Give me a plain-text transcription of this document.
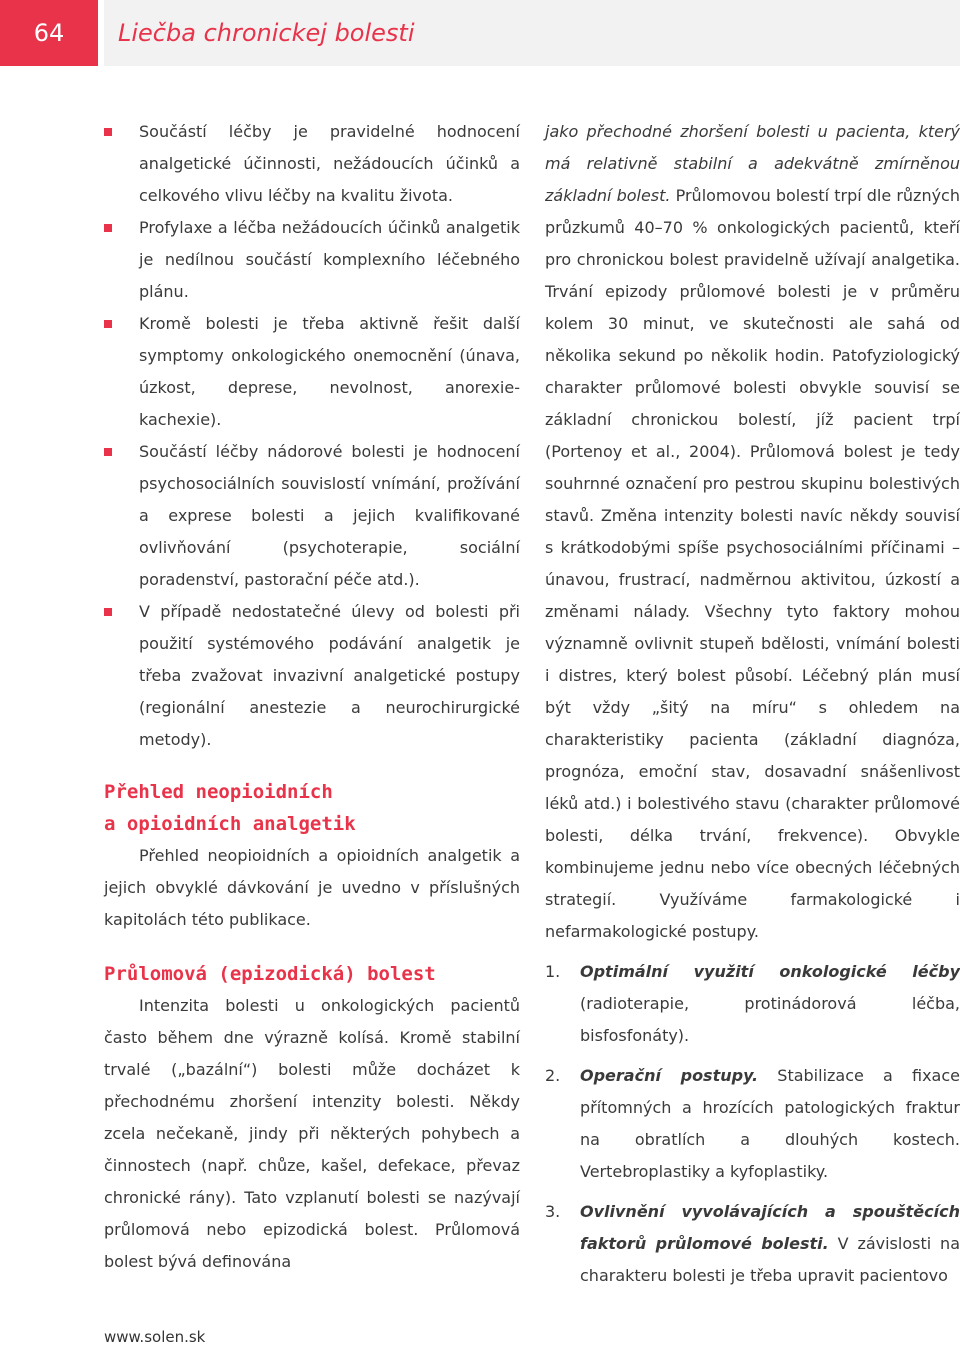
64	Liečba chronickej bolesti
Součástí léčby je pravidelné hodnocení analgetické účinnosti, nežádoucích účinků a celkového vlivu léčby na kvalitu života.
Profylaxe a léčba nežádoucích účinků analgetik je nedílnou součástí komplexního léčebného plánu.
Kromě bolesti je třeba aktivně řešit další symptomy onkologického onemocnění (únava, úzkost, deprese, nevolnost, anorexie-kachexie).
Součástí léčby nádorové bolesti je hodnocení psychosociálních souvislostí vnímání, prožívání a exprese bolesti a jejich kvalifikované ovlivňování (psychoterapie, sociální poradenství, pastorační péče atd.).
V případě nedostatečné úlevy od bolesti při použití systémového podávání analgetik je třeba zvažovat invazivní analgetické postupy (regionální anestezie a neurochirurgické metody).
Přehled neopioidních
a opioidních analgetik

Přehled neopioidních a opioidních analgetik a jejich obvyklé dávkování je uvedno v příslušných kapitolách této publikace.

Průlomová (epizodická) bolest

Intenzita bolesti u onkologických pacientů často během dne výrazně kolísá. Kromě stabilní trvalé („bazální“) bolesti může docházet k přechodnému zhoršení intenzity bolesti. Někdy zcela nečekaně, jindy při některých pohybech a činnostech (např. chůze, kašel, defekace, převaz chronické rány). Tato vzplanutí bolesti se nazývají průlomová nebo epizodická bolest. Průlomová bolest bývá definována

jako přechodné zhoršení bolesti u pacienta, který má relativně stabilní a adekvátně zmírněnou základní bolest. Průlomovou bolestí trpí dle různých průzkumů 40–70 % onkologických pacientů, kteří pro chronickou bolest pravidelně užívají analgetika. Trvání epizody průlomové bolesti je v průměru kolem 30 minut, ve skutečnosti ale sahá od několika sekund po několik hodin. Patofyziologický charakter průlomové bolesti obvykle souvisí se základní chronickou bolestí, jíž pacient trpí (Portenoy et al., 2004). Průlomová bolest je tedy souhrnné označení pro pestrou skupinu bolestivých stavů. Změna intenzity bolesti navíc někdy souvisí s krátkodobými spíše psychosociálními příčinami – únavou, frustrací, nadměrnou aktivitou, úzkostí a změnami nálady. Všechny tyto faktory mohou významně ovlivnit stupeň bdělosti, vnímání bolesti i distres, který bolest působí. Léčebný plán musí být vždy „šitý na míru“ s ohledem na charakteristiky pacienta (základní diagnóza, prognóza, emoční stav, dosavadní snášenlivost léků atd.) i bolestivého stavu (charakter průlomové bolesti, délka trvání, frekvence). Obvykle kombinujeme jednu nebo více obecných léčebných strategií. Využíváme farmakologické i nefarmakologické postupy.

1. Optimální využití onkologické léčby (radioterapie, protinádorová léčba, bisfosfonáty).
2. Operační postupy. Stabilizace a fixace přítomných a hrozících patologických fraktur na obratlích a dlouhých kostech. Vertebroplastiky a kyfoplastiky.
3. Ovlivnění vyvolávajících a spouštěcích faktorů průlomové bolesti. V závislosti na charakteru bolesti je třeba upravit pacientovo
www.solen.sk
